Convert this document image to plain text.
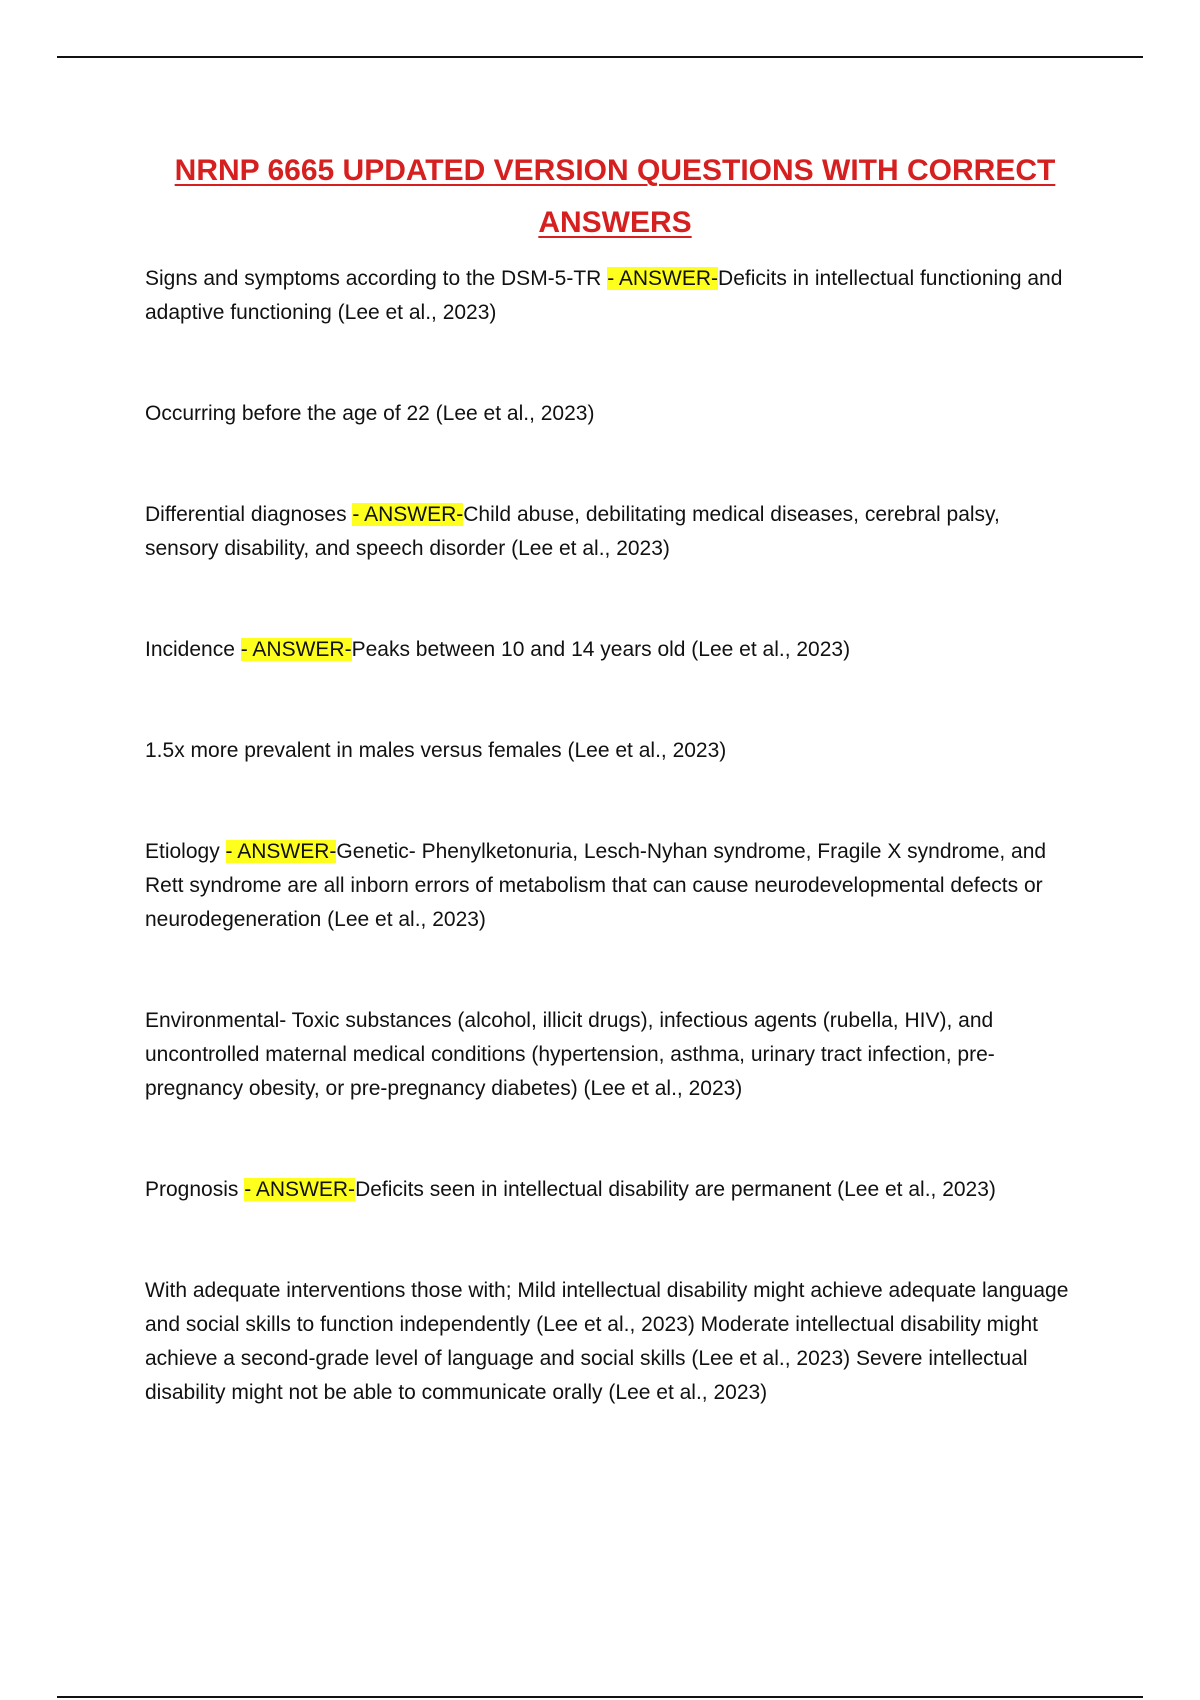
NRNP 6665 UPDATED VERSION QUESTIONS WITH CORRECT ANSWERS

Signs and symptoms according to the DSM-5-TR - ANSWER-Deficits in intellectual functioning and adaptive functioning (Lee et al., 2023)

Occurring before the age of 22 (Lee et al., 2023)

Differential diagnoses - ANSWER-Child abuse, debilitating medical diseases, cerebral palsy, sensory disability, and speech disorder (Lee et al., 2023)

Incidence - ANSWER-Peaks between 10 and 14 years old (Lee et al., 2023)

1.5x more prevalent in males versus females (Lee et al., 2023)

Etiology - ANSWER-Genetic- Phenylketonuria, Lesch-Nyhan syndrome, Fragile X syndrome, and Rett syndrome are all inborn errors of metabolism that can cause neurodevelopmental defects or neurodegeneration (Lee et al., 2023)

Environmental- Toxic substances (alcohol, illicit drugs), infectious agents (rubella, HIV), and uncontrolled maternal medical conditions (hypertension, asthma, urinary tract infection, pre-pregnancy obesity, or pre-pregnancy diabetes) (Lee et al., 2023)

Prognosis - ANSWER-Deficits seen in intellectual disability are permanent (Lee et al., 2023)

With adequate interventions those with; Mild intellectual disability might achieve adequate language and social skills to function independently (Lee et al., 2023) Moderate intellectual disability might achieve a second-grade level of language and social skills (Lee et al., 2023) Severe intellectual disability might not be able to communicate orally (Lee et al., 2023)
